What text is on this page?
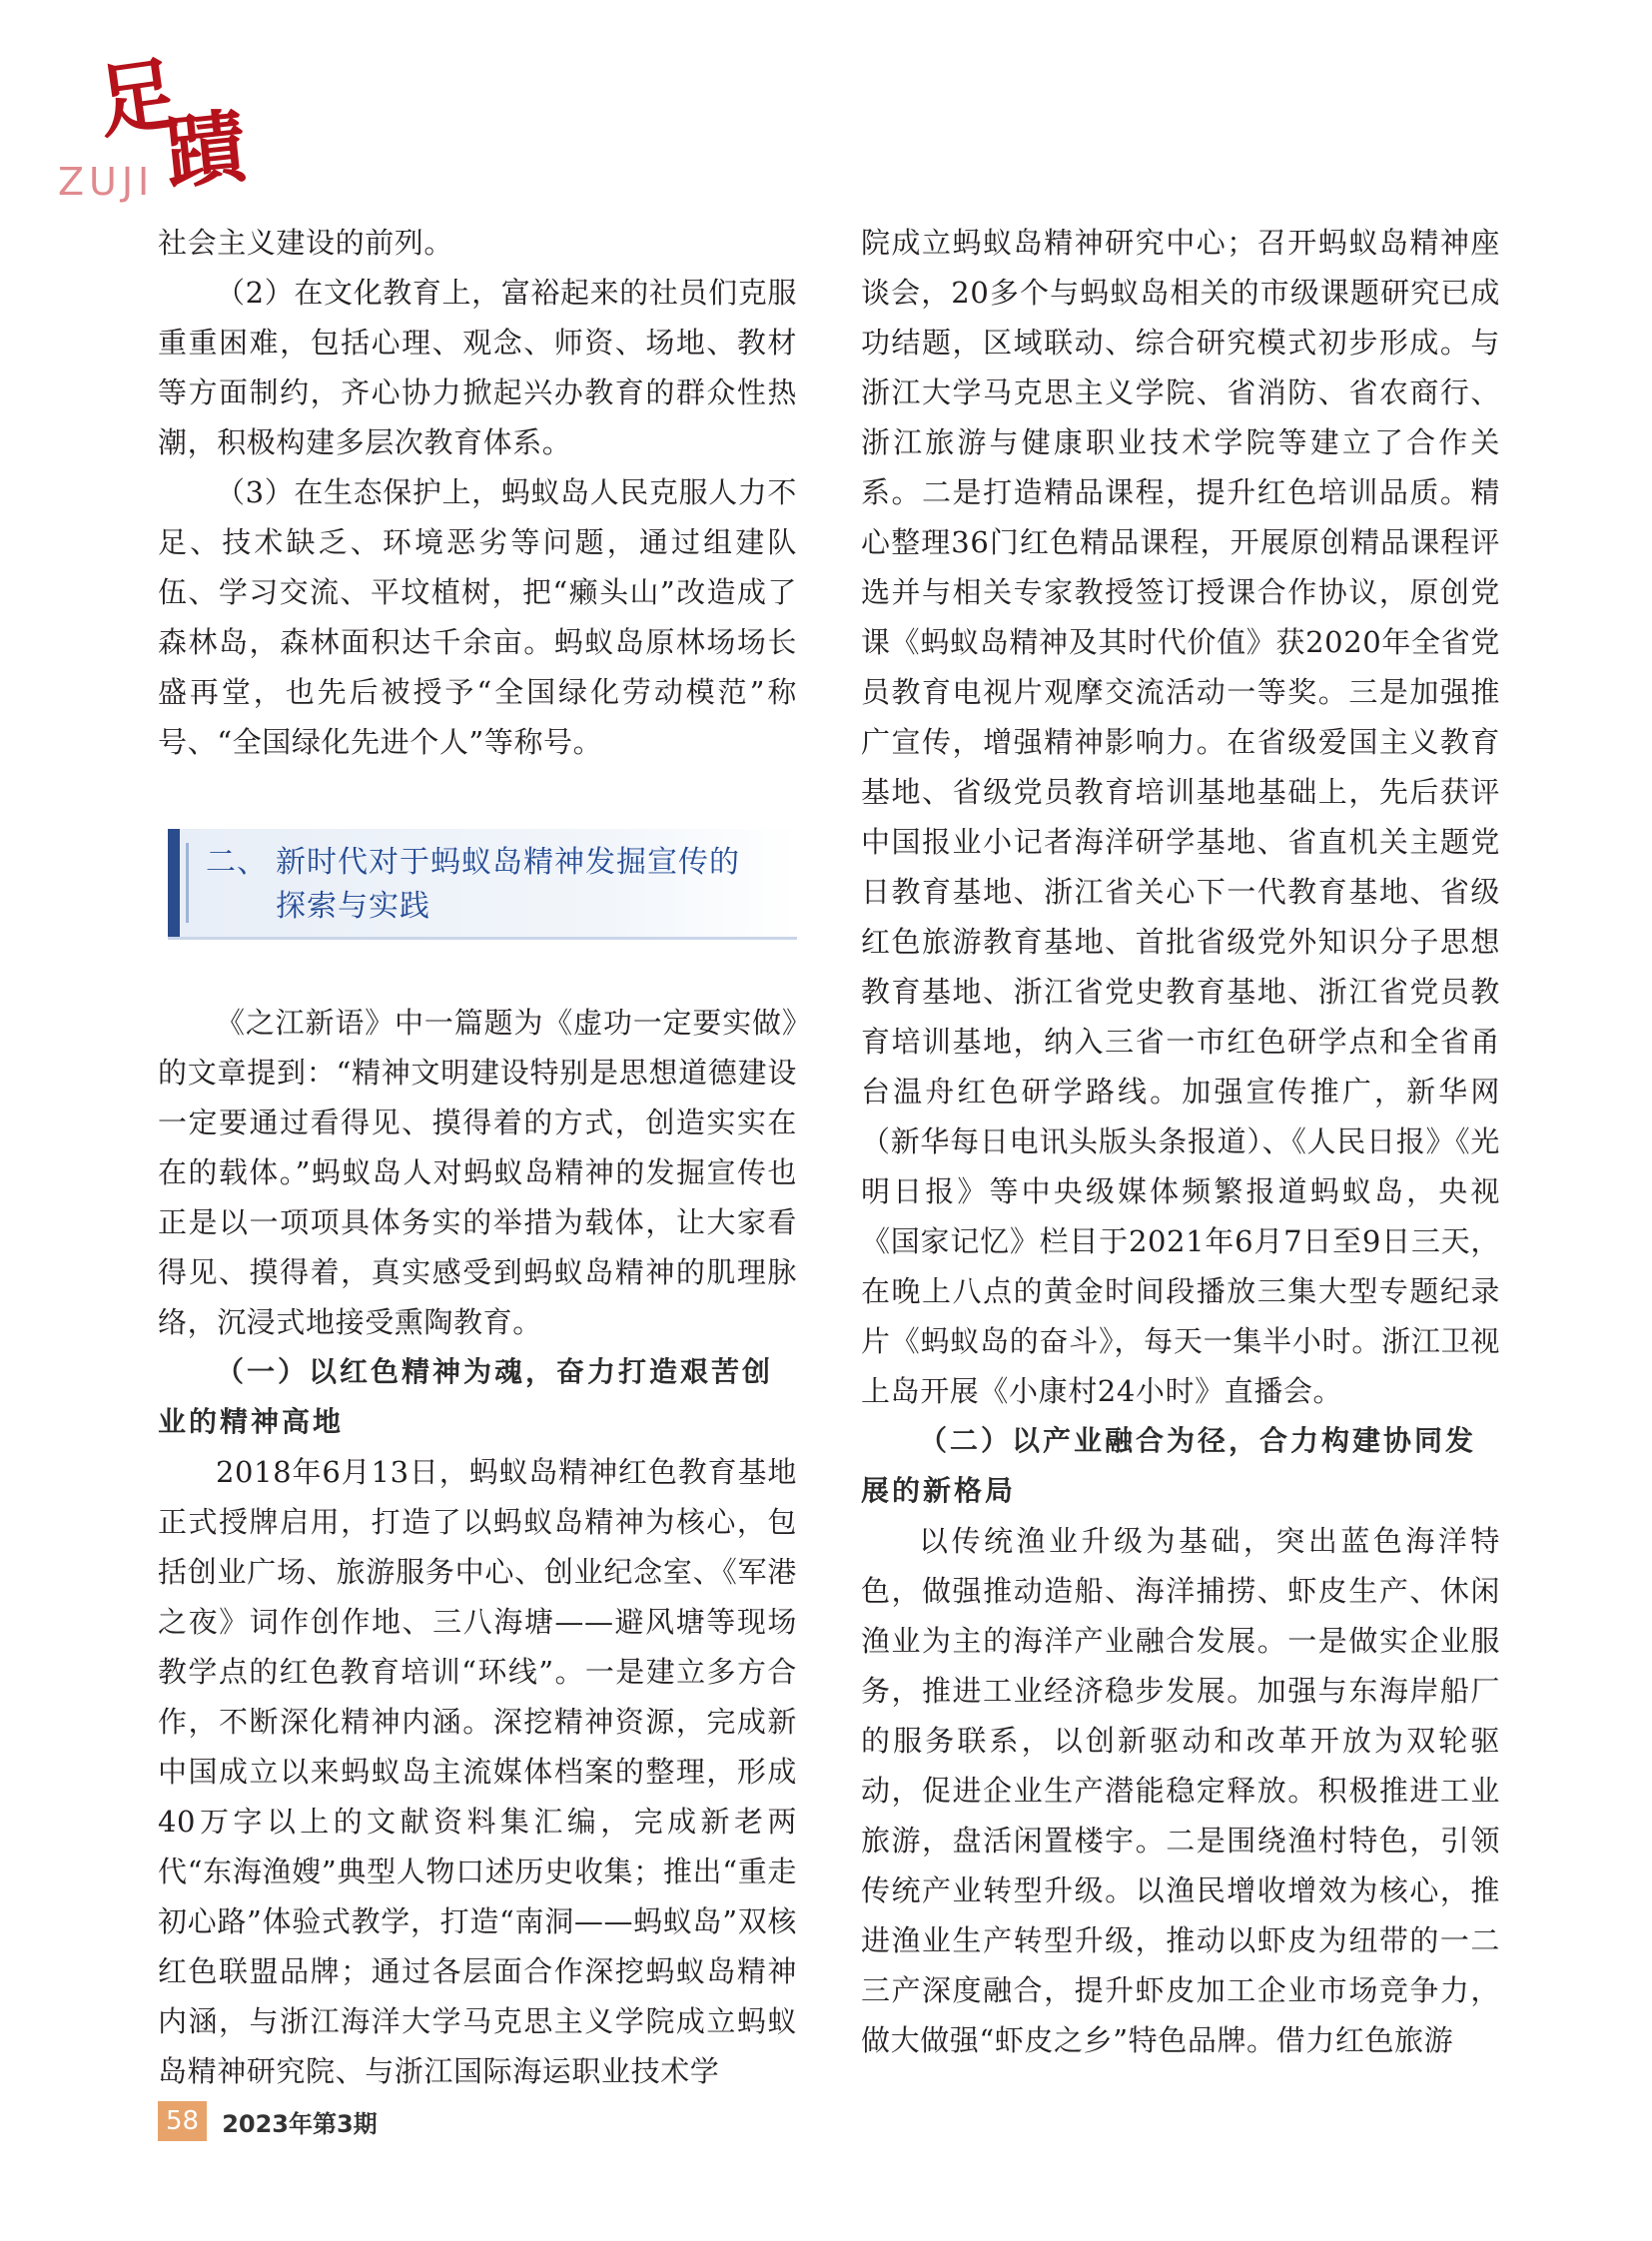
足
蹟
ZUJI

社会主义建设的前列。

（2）在文化教育上，富裕起来的社员们克服重重困难，包括心理、观念、师资、场地、教材等方面制约，齐心协力掀起兴办教育的群众性热潮，积极构建多层次教育体系。

（3）在生态保护上，蚂蚁岛人民克服人力不足、技术缺乏、环境恶劣等问题，通过组建队伍、学习交流、平坟植树，把“癞头山”改造成了森林岛，森林面积达千余亩。蚂蚁岛原林场场长盛再堂，也先后被授予“全国绿化劳动模范”称号、“全国绿化先进个人”等称号。

二、 新时代对于蚂蚁岛精神发掘宣传的
探索与实践

《之江新语》中一篇题为《虚功一定要实做》的文章提到：“精神文明建设特别是思想道德建设一定要通过看得见、摸得着的方式，创造实实在在的载体。”蚂蚁岛人对蚂蚁岛精神的发掘宣传也正是以一项项具体务实的举措为载体，让大家看得见、摸得着，真实感受到蚂蚁岛精神的肌理脉络，沉浸式地接受熏陶教育。

（一）以红色精神为魂，奋力打造艰苦创业的精神高地

2018年6月13日，蚂蚁岛精神红色教育基地正式授牌启用，打造了以蚂蚁岛精神为核心，包括创业广场、旅游服务中心、创业纪念室、《军港之夜》词作创作地、三八海塘——避风塘等现场教学点的红色教育培训“环线”。一是建立多方合作，不断深化精神内涵。深挖精神资源，完成新中国成立以来蚂蚁岛主流媒体档案的整理，形成40万字以上的文献资料集汇编，完成新老两代“东海渔嫂”典型人物口述历史收集；推出“重走初心路”体验式教学，打造“南洞——蚂蚁岛”双核红色联盟品牌；通过各层面合作深挖蚂蚁岛精神内涵，与浙江海洋大学马克思主义学院成立蚂蚁岛精神研究院、与浙江国际海运职业技术学

院成立蚂蚁岛精神研究中心；召开蚂蚁岛精神座谈会，20多个与蚂蚁岛相关的市级课题研究已成功结题，区域联动、综合研究模式初步形成。与浙江大学马克思主义学院、省消防、省农商行、浙江旅游与健康职业技术学院等建立了合作关系。二是打造精品课程，提升红色培训品质。精心整理36门红色精品课程，开展原创精品课程评选并与相关专家教授签订授课合作协议，原创党课《蚂蚁岛精神及其时代价值》获2020年全省党员教育电视片观摩交流活动一等奖。三是加强推广宣传，增强精神影响力。在省级爱国主义教育基地、省级党员教育培训基地基础上，先后获评中国报业小记者海洋研学基地、省直机关主题党日教育基地、浙江省关心下一代教育基地、省级红色旅游教育基地、首批省级党外知识分子思想教育基地、浙江省党史教育基地、浙江省党员教育培训基地，纳入三省一市红色研学点和全省甬台温舟红色研学路线。加强宣传推广，新华网（新华每日电讯头版头条报道）、《人民日报》《光明日报》等中央级媒体频繁报道蚂蚁岛，央视《国家记忆》栏目于2021年6月7日至9日三天，在晚上八点的黄金时间段播放三集大型专题纪录片《蚂蚁岛的奋斗》，每天一集半小时。浙江卫视上岛开展《小康村24小时》直播会。

（二）以产业融合为径，合力构建协同发展的新格局

以传统渔业升级为基础，突出蓝色海洋特色，做强推动造船、海洋捕捞、虾皮生产、休闲渔业为主的海洋产业融合发展。一是做实企业服务，推进工业经济稳步发展。加强与东海岸船厂的服务联系，以创新驱动和改革开放为双轮驱动，促进企业生产潜能稳定释放。积极推进工业旅游，盘活闲置楼宇。二是围绕渔村特色，引领传统产业转型升级。以渔民增收增效为核心，推进渔业生产转型升级，推动以虾皮为纽带的一二三产深度融合，提升虾皮加工企业市场竞争力，做大做强“虾皮之乡”特色品牌。借力红色旅游

58 2023年第3期
